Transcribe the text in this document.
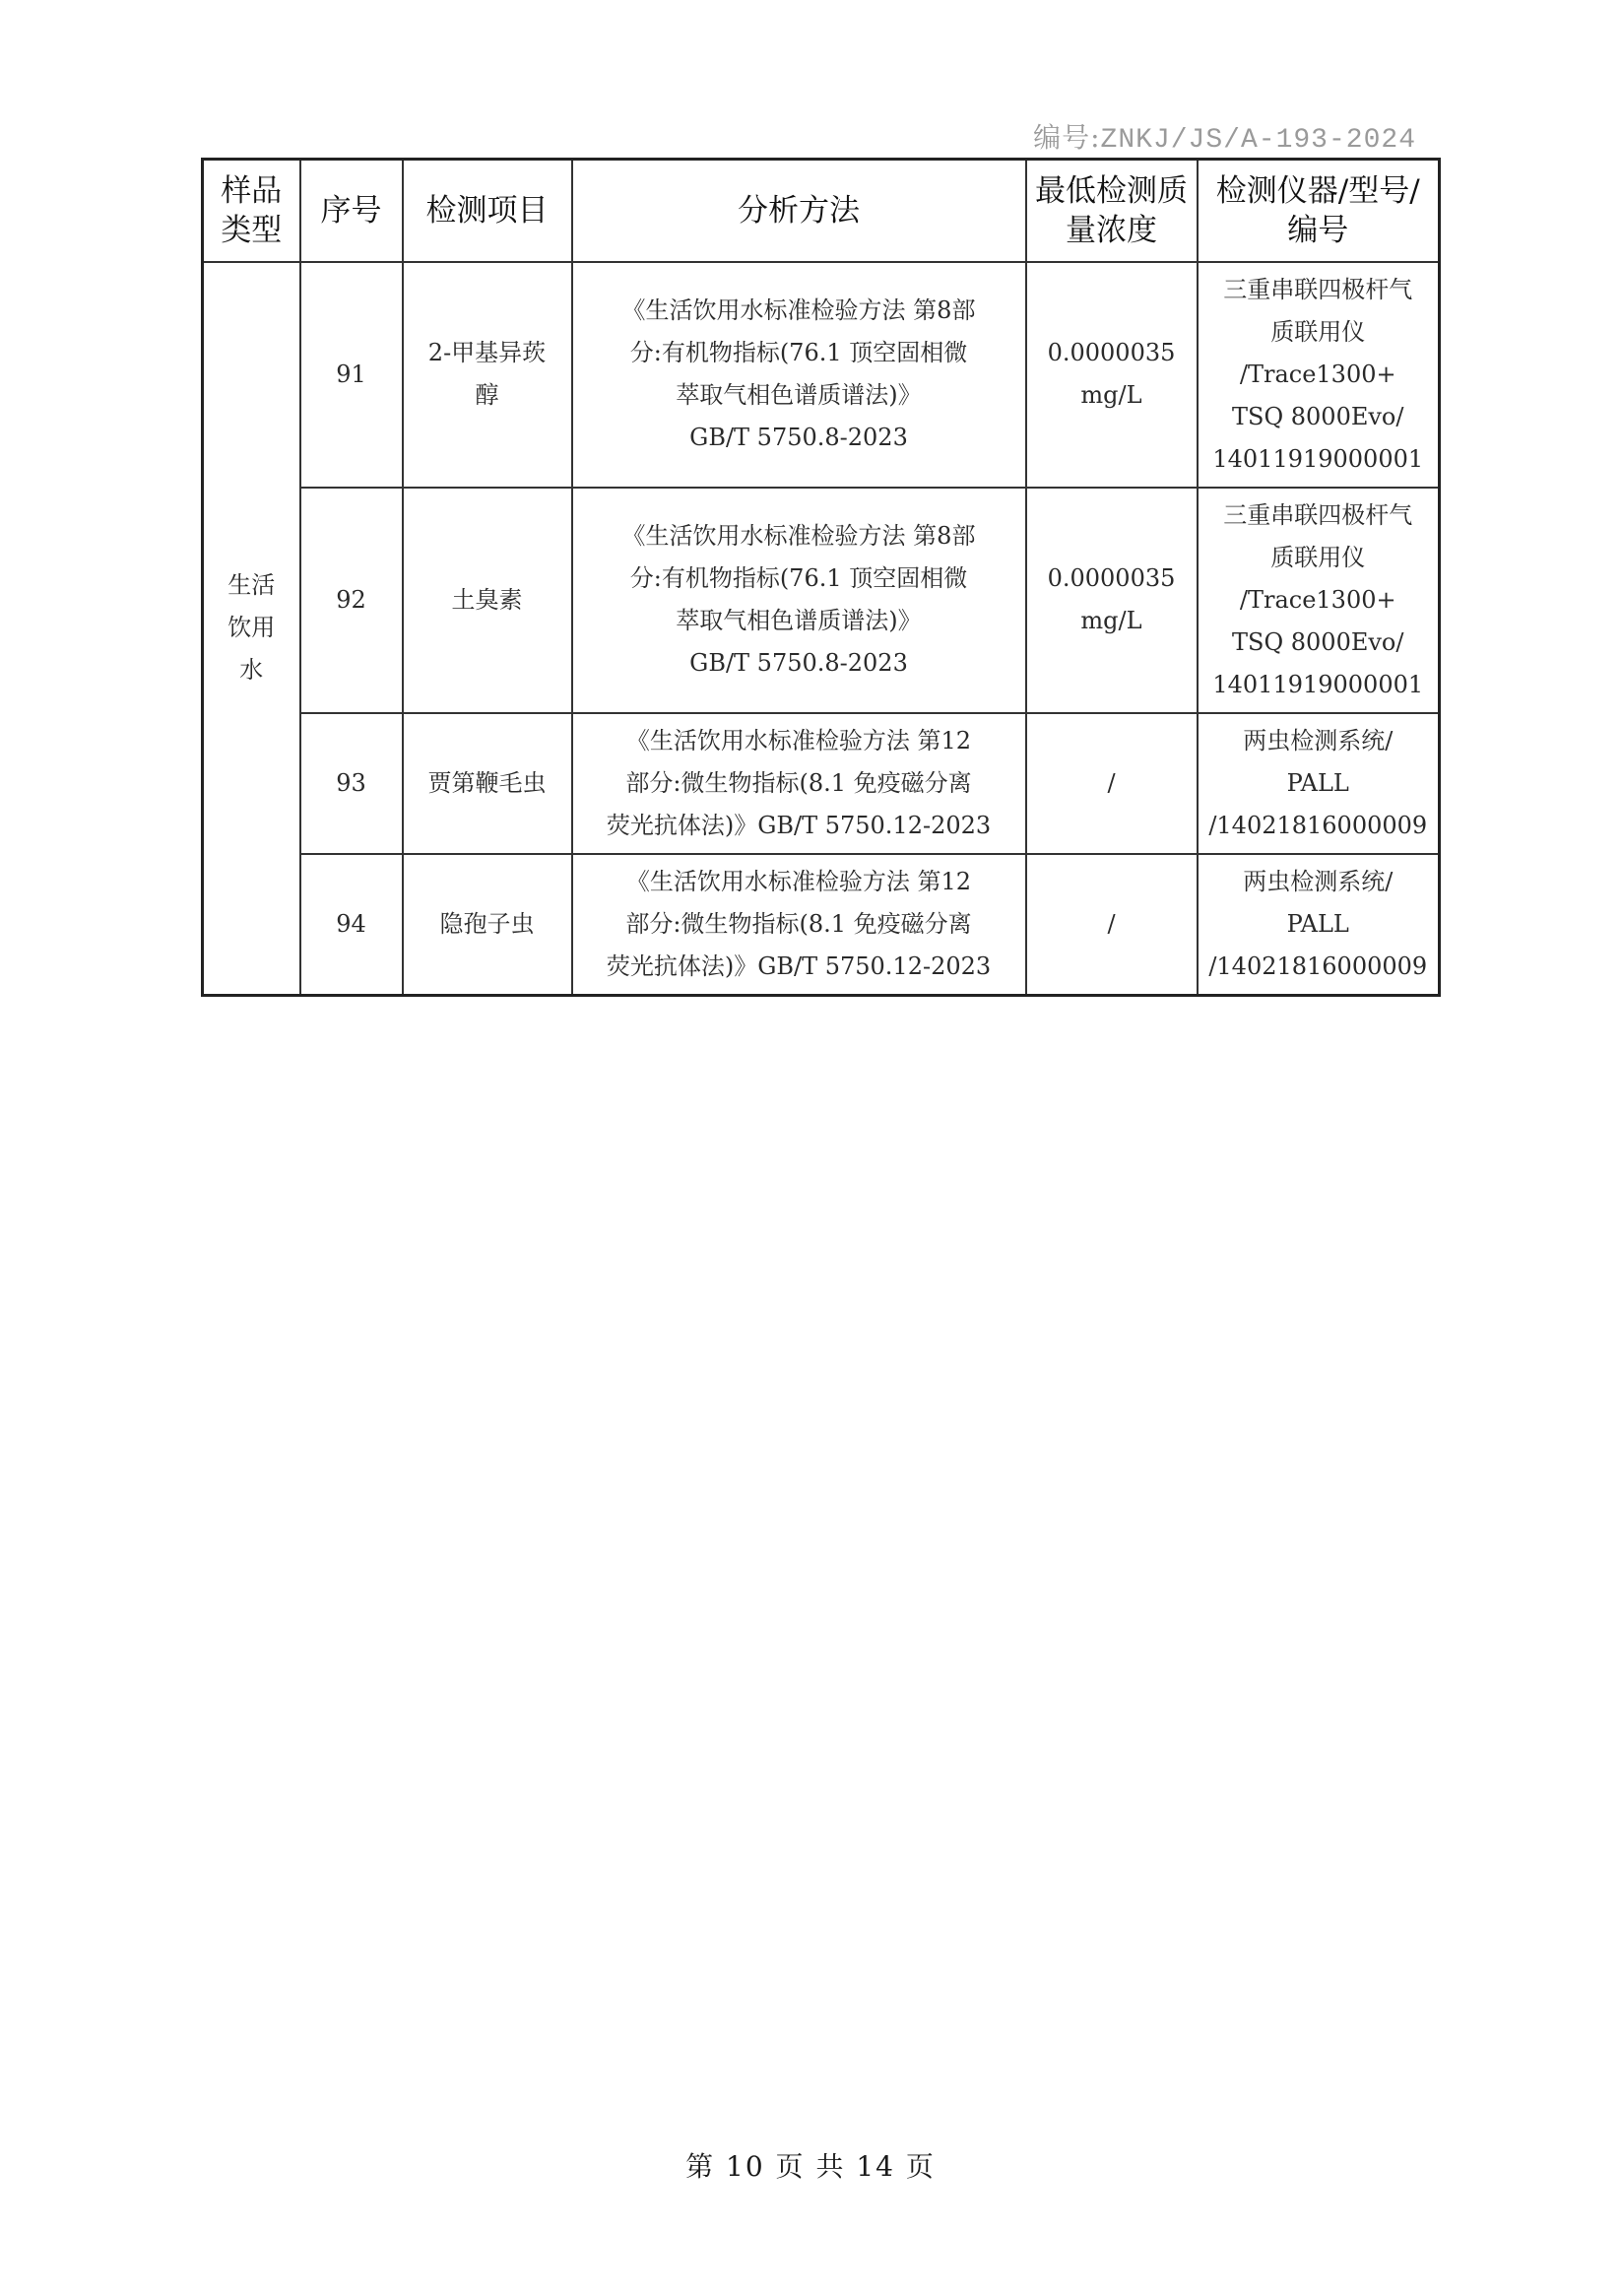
编号:ZNKJ/JS/A-193-2024
样品类型	序号	检测项目	分析方法	最低检测质量浓度	检测仪器/型号/编号

生活饮用水	91	2-甲基异莰醇	《生活饮用水标准检验方法 第8部
分:有机物指标(76.1 顶空固相微
萃取气相色谱质谱法)》
GB/T 5750.8-2023	0.0000035
mg/L	三重串联四极杆气
质联用仪
/Trace1300+
TSQ 8000Evo/
14011919000001

	92	土臭素	《生活饮用水标准检验方法 第8部
分:有机物指标(76.1 顶空固相微
萃取气相色谱质谱法)》
GB/T 5750.8-2023	0.0000035
mg/L	三重串联四极杆气
质联用仪
/Trace1300+
TSQ 8000Evo/
14011919000001

	93	贾第鞭毛虫	《生活饮用水标准检验方法 第12
部分:微生物指标(8.1 免疫磁分离
荧光抗体法)》GB/T 5750.12-2023	/	两虫检测系统/
PALL
/14021816000009

	94	隐孢子虫	《生活饮用水标准检验方法 第12
部分:微生物指标(8.1 免疫磁分离
荧光抗体法)》GB/T 5750.12-2023	/	两虫检测系统/
PALL
/14021816000009
第 10 页 共 14 页
